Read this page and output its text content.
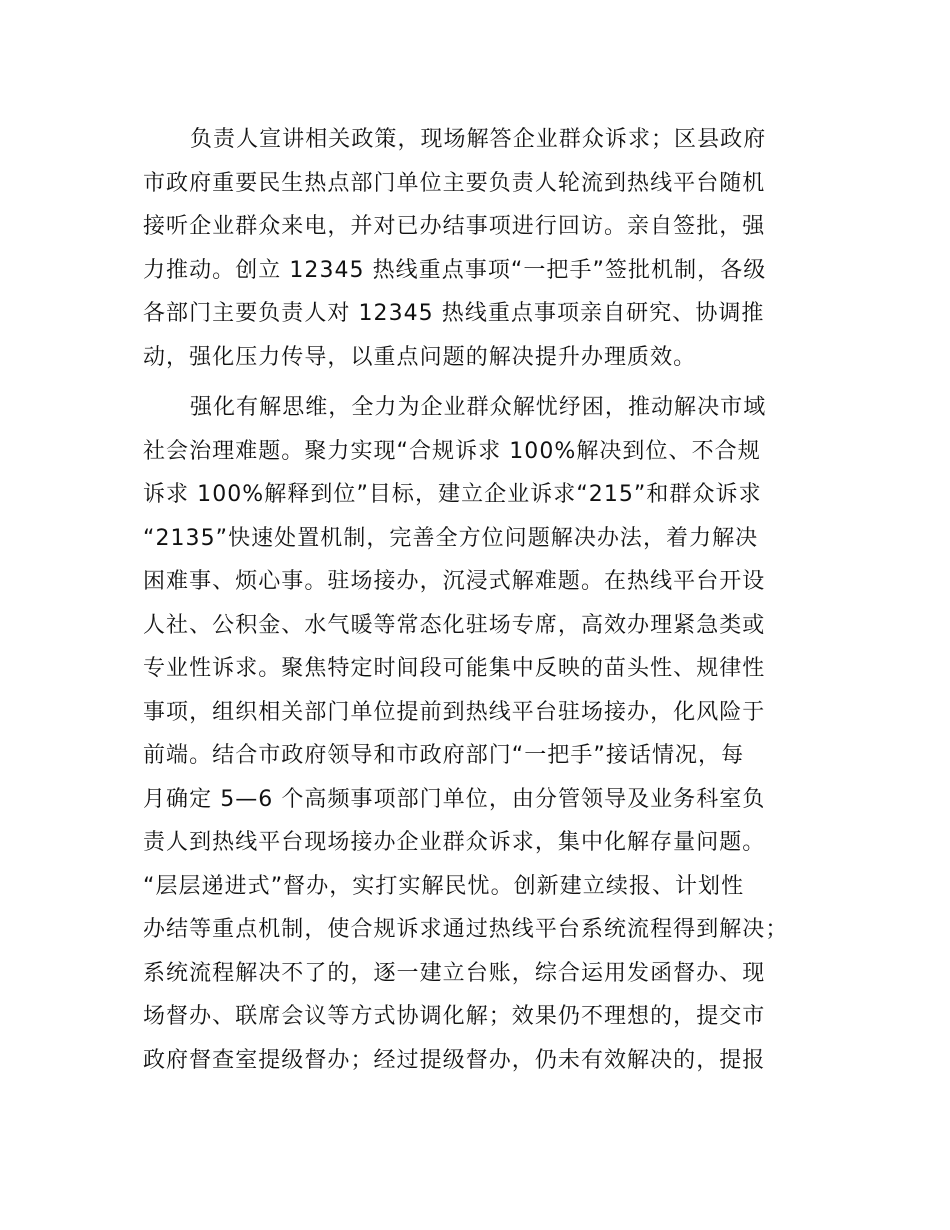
负责人宣讲相关政策，现场解答企业群众诉求；区县政府
市政府重要民生热点部门单位主要负责人轮流到热线平台随机
接听企业群众来电，并对已办结事项进行回访。亲自签批，强
力推动。创立 12345 热线重点事项“一把手”签批机制，各级
各部门主要负责人对 12345 热线重点事项亲自研究、协调推
动，强化压力传导，以重点问题的解决提升办理质效。
强化有解思维，全力为企业群众解忧纾困，推动解决市域
社会治理难题。聚力实现“合规诉求 100%解决到位、不合规
诉求 100%解释到位”目标，建立企业诉求“215”和群众诉求
“2135”快速处置机制，完善全方位问题解决办法，着力解决
困难事、烦心事。驻场接办，沉浸式解难题。在热线平台开设
人社、公积金、水气暖等常态化驻场专席，高效办理紧急类或
专业性诉求。聚焦特定时间段可能集中反映的苗头性、规律性
事项，组织相关部门单位提前到热线平台驻场接办，化风险于
前端。结合市政府领导和市政府部门“一把手”接话情况，每
月确定 5—6 个高频事项部门单位，由分管领导及业务科室负
责人到热线平台现场接办企业群众诉求，集中化解存量问题。
“层层递进式”督办，实打实解民忧。创新建立续报、计划性
办结等重点机制，使合规诉求通过热线平台系统流程得到解决；
系统流程解决不了的，逐一建立台账，综合运用发函督办、现
场督办、联席会议等方式协调化解；效果仍不理想的，提交市
政府督查室提级督办；经过提级督办，仍未有效解决的，提报
